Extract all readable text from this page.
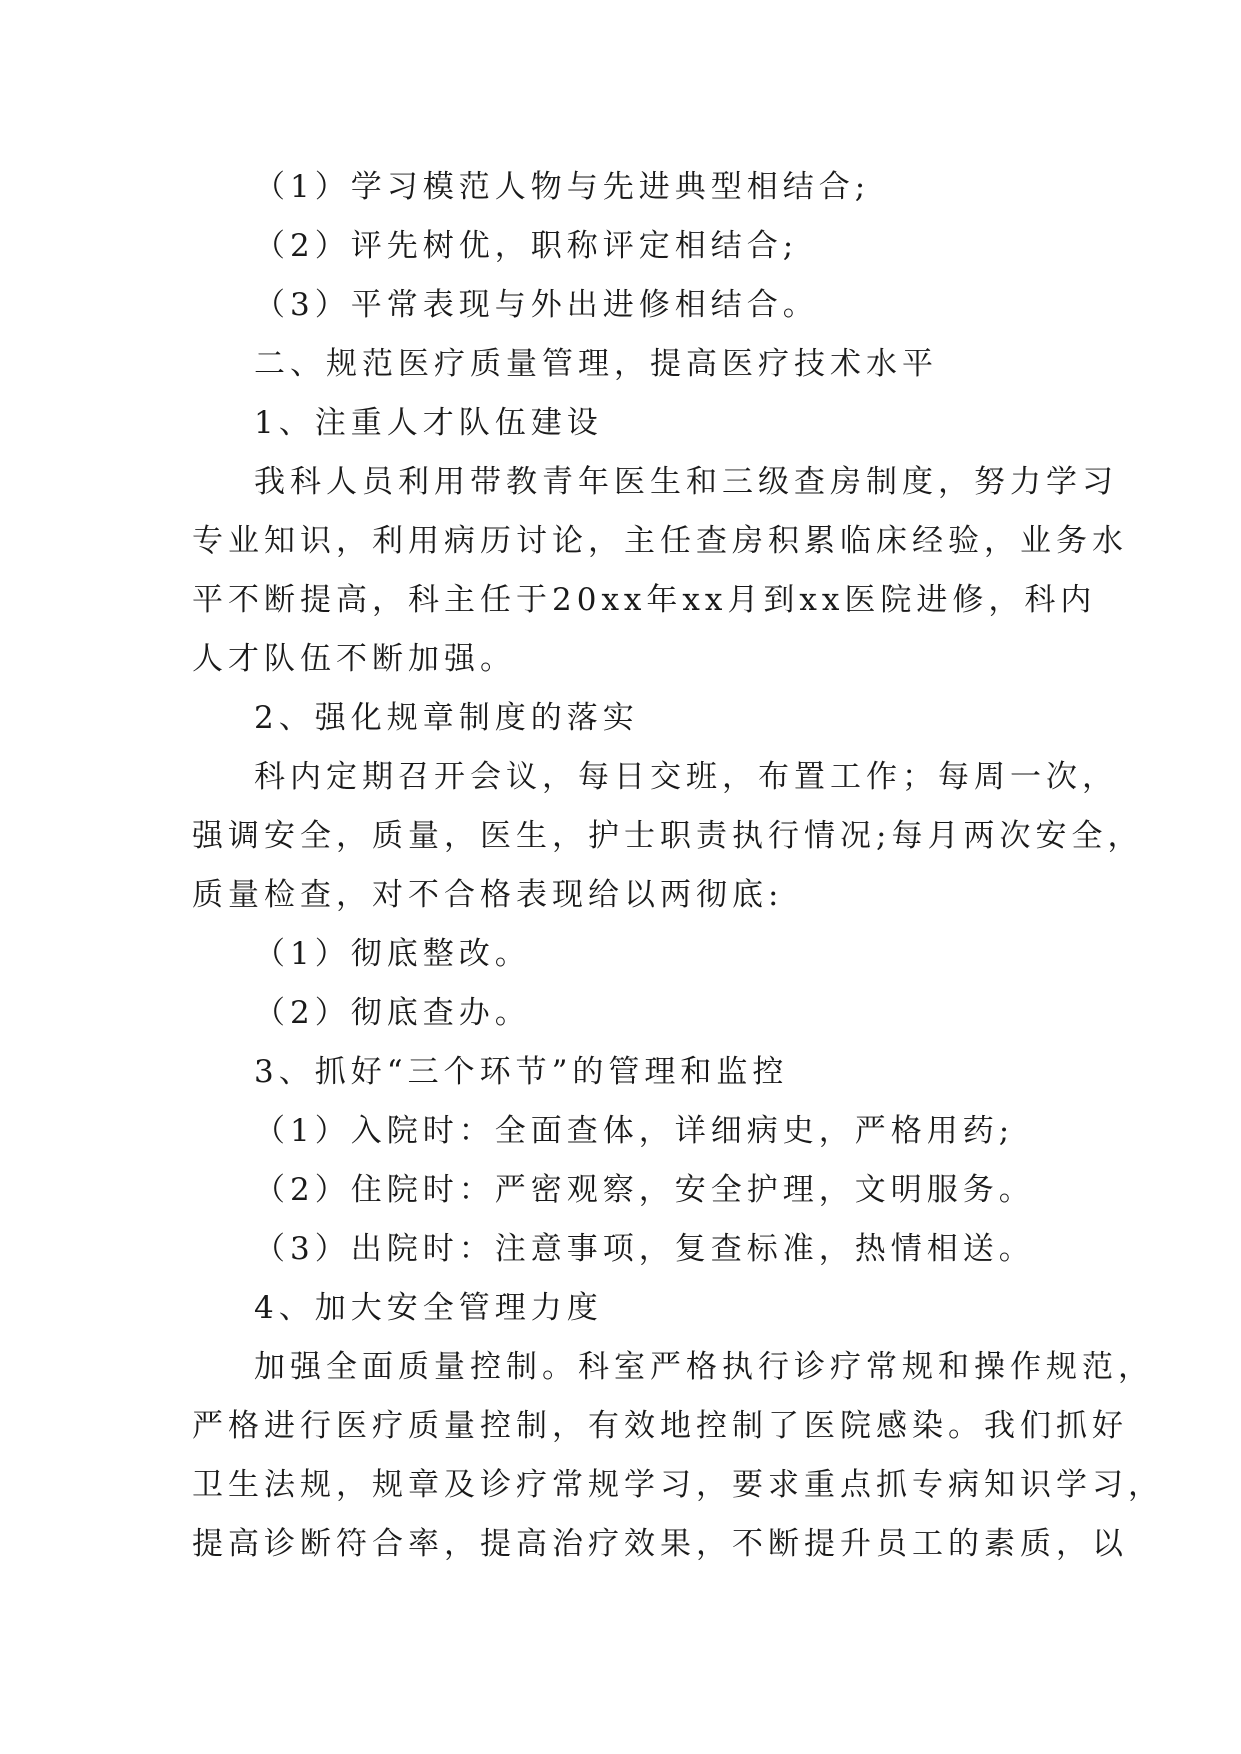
（1）学习模范人物与先进典型相结合;
（2）评先树优，职称评定相结合;
（3）平常表现与外出进修相结合。
二、规范医疗质量管理，提高医疗技术水平
1、注重人才队伍建设
我科人员利用带教青年医生和三级查房制度，努力学习
专业知识，利用病历讨论，主任查房积累临床经验，业务水
平不断提高，科主任于20xx年xx月到xx医院进修，科内
人才队伍不断加强。
2、强化规章制度的落实
科内定期召开会议，每日交班，布置工作；每周一次，
强调安全，质量，医生，护士职责执行情况;每月两次安全，
质量检查，对不合格表现给以两彻底:
（1）彻底整改。
（2）彻底查办。
3、抓好“三个环节”的管理和监控
（1）入院时：全面查体，详细病史，严格用药;
（2）住院时：严密观察，安全护理，文明服务。
（3）出院时：注意事项，复查标准，热情相送。
4、加大安全管理力度
加强全面质量控制。科室严格执行诊疗常规和操作规范，
严格进行医疗质量控制，有效地控制了医院感染。我们抓好
卫生法规，规章及诊疗常规学习，要求重点抓专病知识学习，
提高诊断符合率，提高治疗效果，不断提升员工的素质，以
